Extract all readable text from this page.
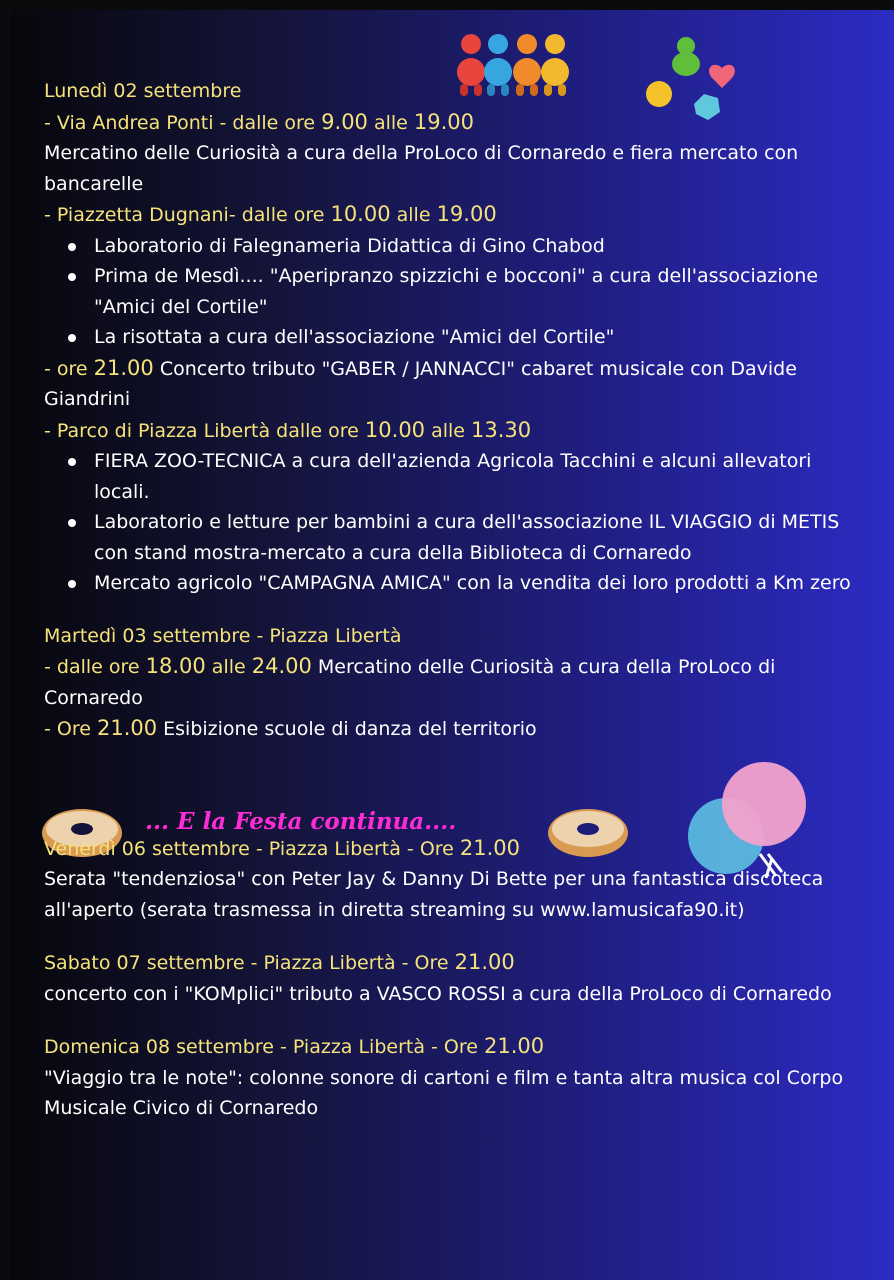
... E la Festa continua....

Lunedì 02 settembre

- Via Andrea Ponti - dalle ore 9.00 alle 19.00

Mercatino delle Curiosità a cura della ProLoco di Cornaredo e fiera mercato con bancarelle

- Piazzetta Dugnani- dalle ore 10.00 alle 19.00

Laboratorio di Falegnameria Didattica di Gino Chabod
Prima de Mesdì.... "Aperipranzo spizzichi e bocconi" a cura dell'associazione "Amici del Cortile"
La risottata a cura dell'associazione "Amici del Cortile"

- ore 21.00 Concerto tributo "GABER / JANNACCI" cabaret musicale con Davide Giandrini

- Parco di Piazza Libertà dalle ore 10.00 alle 13.30

FIERA ZOO-TECNICA a cura dell'azienda Agricola Tacchini e alcuni allevatori locali.
Laboratorio e letture per bambini a cura dell'associazione IL VIAGGIO di METIS con stand mostra-mercato a cura della Biblioteca di Cornaredo
Mercato agricolo "CAMPAGNA AMICA" con la vendita dei loro prodotti a Km zero

Martedì 03 settembre - Piazza Libertà

- dalle ore 18.00 alle 24.00 Mercatino delle Curiosità a cura della ProLoco di Cornaredo

- Ore 21.00 Esibizione scuole di danza del territorio

Venerdì 06 settembre - Piazza Libertà - Ore 21.00

Serata "tendenziosa" con Peter Jay & Danny Di Bette per una fantastica discoteca all'aperto (serata trasmessa in diretta streaming su www.lamusicafa90.it)

Sabato 07 settembre - Piazza Libertà - Ore 21.00

concerto con i "KOMplici" tributo a VASCO ROSSI a cura della ProLoco di Cornaredo

Domenica 08 settembre - Piazza Libertà - Ore 21.00

"Viaggio tra le note": colonne sonore di cartoni e film e tanta altra musica col Corpo Musicale Civico di Cornaredo
